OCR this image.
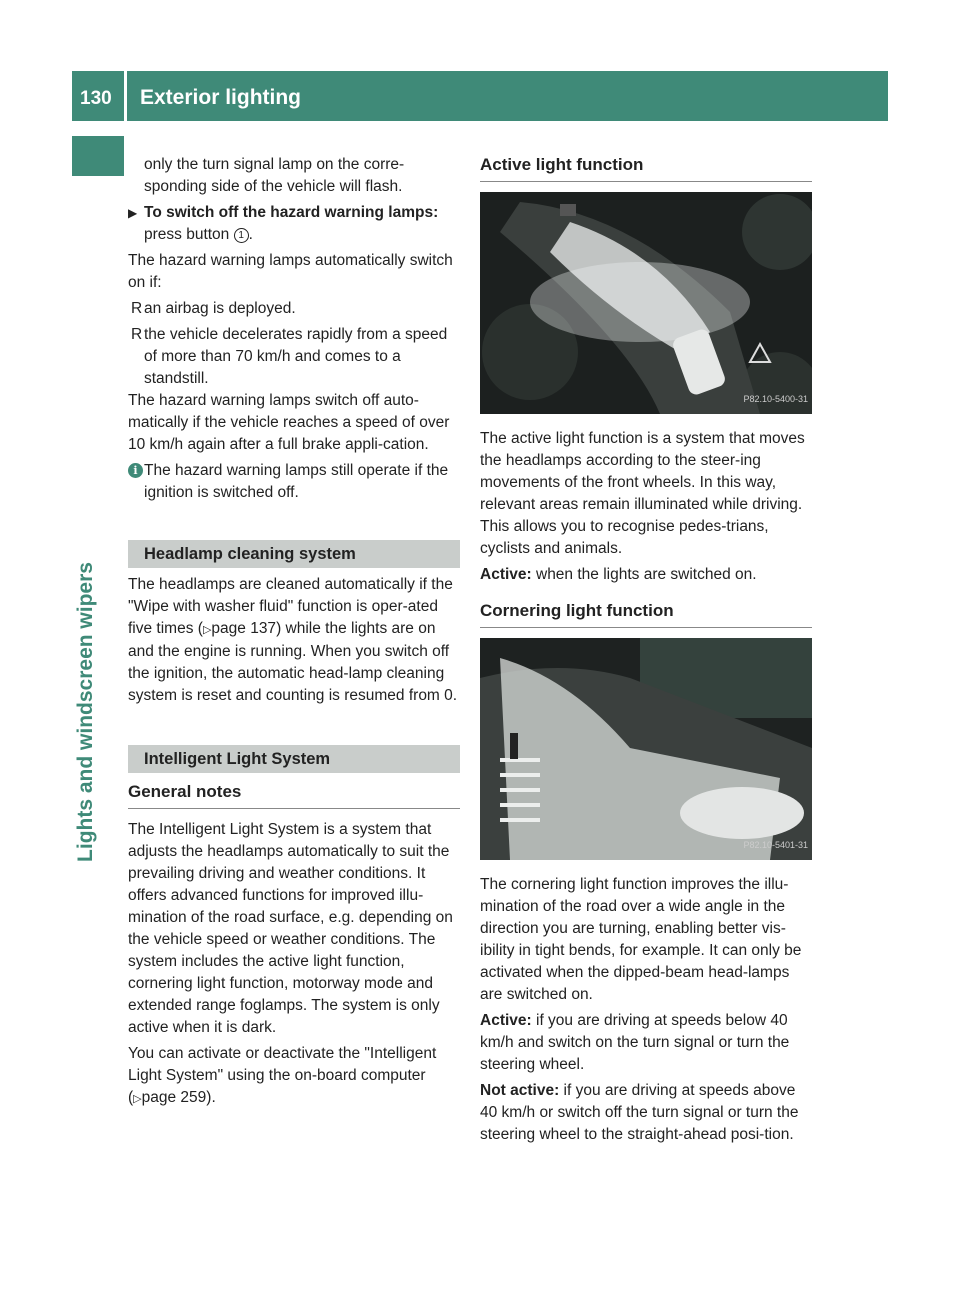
130 Exterior lighting
Lights and windscreen wipers

only the turn signal lamp on the corre-sponding side of the vehicle will flash.

▶ To switch off the hazard warning lamps: press button 1 .

The hazard warning lamps automatically switch on if:

R an airbag is deployed.

R the vehicle decelerates rapidly from a speed of more than 70 km/h and comes to a standstill.

The hazard warning lamps switch off auto-matically if the vehicle reaches a speed of over 10 km/h again after a full brake appli-cation.

i The hazard warning lamps still operate if the ignition is switched off.

Headlamp cleaning system

The headlamps are cleaned automatically if the "Wipe with washer fluid" function is oper-ated five times (▷page 137) while the lights are on and the engine is running. When you switch off the ignition, the automatic head-lamp cleaning system is reset and counting is resumed from 0.

Intelligent Light System

General notes

The Intelligent Light System is a system that adjusts the headlamps automatically to suit the prevailing driving and weather conditions. It offers advanced functions for improved illu-mination of the road surface, e.g. depending on the vehicle speed or weather conditions. The system includes the active light function, cornering light function, motorway mode and extended range foglamps. The system is only active when it is dark.

You can activate or deactivate the "Intelligent Light System" using the on-board computer (▷page 259).

Active light function

P82.10-5400-31

The active light function is a system that moves the headlamps according to the steer-ing movements of the front wheels. In this way, relevant areas remain illuminated while driving. This allows you to recognise pedes-trians, cyclists and animals.

Active: when the lights are switched on.

Cornering light function

P82.10-5401-31

The cornering light function improves the illu-mination of the road over a wide angle in the direction you are turning, enabling better vis-ibility in tight bends, for example. It can only be activated when the dipped-beam head-lamps are switched on.

Active: if you are driving at speeds below 40 km/h and switch on the turn signal or turn the steering wheel.

Not active: if you are driving at speeds above 40 km/h or switch off the turn signal or turn the steering wheel to the straight-ahead posi-tion.
